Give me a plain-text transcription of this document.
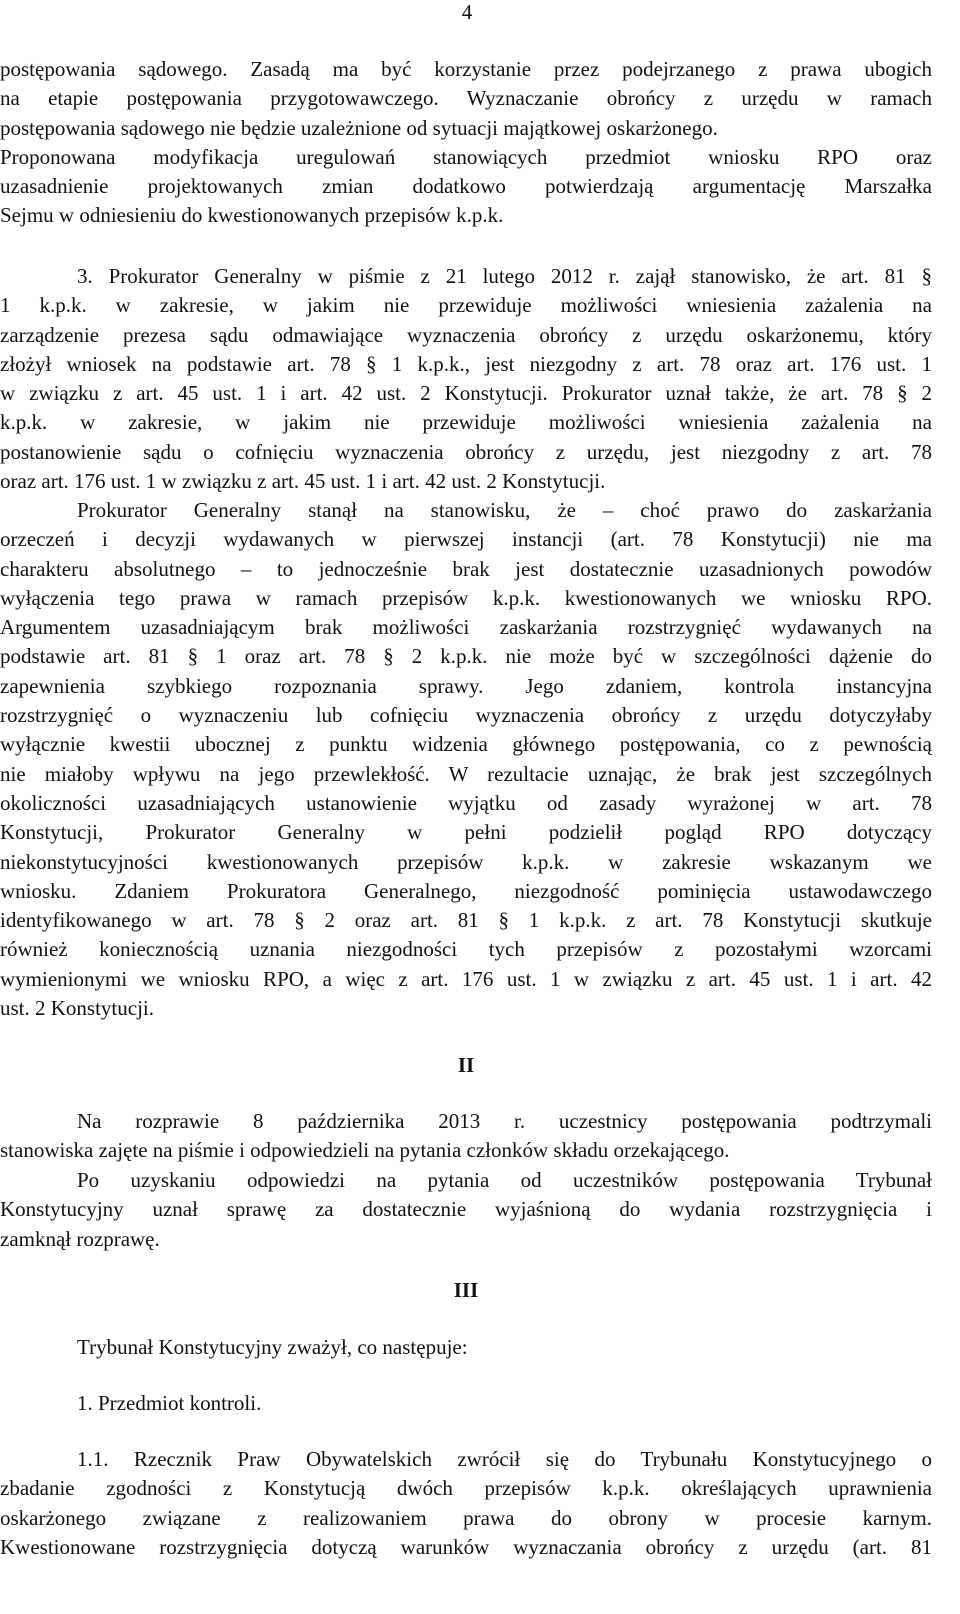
4
postępowania sądowego. Zasadą ma być korzystanie przez podejrzanego z prawa ubogich
na etapie postępowania przygotowawczego. Wyznaczanie obrońcy z urzędu w ramach
postępowania sądowego nie będzie uzależnione od sytuacji majątkowej oskarżonego.
Proponowana modyfikacja uregulowań stanowiących przedmiot wniosku RPO oraz
uzasadnienie projektowanych zmian dodatkowo potwierdzają argumentację Marszałka
Sejmu w odniesieniu do kwestionowanych przepisów k.p.k.
3. Prokurator Generalny w piśmie z 21 lutego 2012 r. zajął stanowisko, że art. 81 §
1 k.p.k. w zakresie, w jakim nie przewiduje możliwości wniesienia zażalenia na
zarządzenie prezesa sądu odmawiające wyznaczenia obrońcy z urzędu oskarżonemu, który
złożył wniosek na podstawie art. 78 § 1 k.p.k., jest niezgodny z art. 78 oraz art. 176 ust. 1
w związku z art. 45 ust. 1 i art. 42 ust. 2 Konstytucji. Prokurator uznał także, że art. 78 § 2
k.p.k. w zakresie, w jakim nie przewiduje możliwości wniesienia zażalenia na
postanowienie sądu o cofnięciu wyznaczenia obrońcy z urzędu, jest niezgodny z art. 78
oraz art. 176 ust. 1 w związku z art. 45 ust. 1 i art. 42 ust. 2 Konstytucji.
Prokurator Generalny stanął na stanowisku, że – choć prawo do zaskarżania
orzeczeń i decyzji wydawanych w pierwszej instancji (art. 78 Konstytucji) nie ma
charakteru absolutnego – to jednocześnie brak jest dostatecznie uzasadnionych powodów
wyłączenia tego prawa w ramach przepisów k.p.k. kwestionowanych we wniosku RPO.
Argumentem uzasadniającym brak możliwości zaskarżania rozstrzygnięć wydawanych na
podstawie art. 81 § 1 oraz art. 78 § 2 k.p.k. nie może być w szczególności dążenie do
zapewnienia szybkiego rozpoznania sprawy. Jego zdaniem, kontrola instancyjna
rozstrzygnięć o wyznaczeniu lub cofnięciu wyznaczenia obrońcy z urzędu dotyczyłaby
wyłącznie kwestii ubocznej z punktu widzenia głównego postępowania, co z pewnością
nie miałoby wpływu na jego przewlekłość. W rezultacie uznając, że brak jest szczególnych
okoliczności uzasadniających ustanowienie wyjątku od zasady wyrażonej w art. 78
Konstytucji, Prokurator Generalny w pełni podzielił pogląd RPO dotyczący
niekonstytucyjności kwestionowanych przepisów k.p.k. w zakresie wskazanym we
wniosku. Zdaniem Prokuratora Generalnego, niezgodność pominięcia ustawodawczego
identyfikowanego w art. 78 § 2 oraz art. 81 § 1 k.p.k. z art. 78 Konstytucji skutkuje
również koniecznością uznania niezgodności tych przepisów z pozostałymi wzorcami
wymienionymi we wniosku RPO, a więc z art. 176 ust. 1 w związku z art. 45 ust. 1 i art. 42
ust. 2 Konstytucji.
II
Na rozprawie 8 października 2013 r. uczestnicy postępowania podtrzymali
stanowiska zajęte na piśmie i odpowiedzieli na pytania członków składu orzekającego.
Po uzyskaniu odpowiedzi na pytania od uczestników postępowania Trybunał
Konstytucyjny uznał sprawę za dostatecznie wyjaśnioną do wydania rozstrzygnięcia i
zamknął rozprawę.
III
Trybunał Konstytucyjny zważył, co następuje:
1. Przedmiot kontroli.
1.1. Rzecznik Praw Obywatelskich zwrócił się do Trybunału Konstytucyjnego o
zbadanie zgodności z Konstytucją dwóch przepisów k.p.k. określających uprawnienia
oskarżonego związane z realizowaniem prawa do obrony w procesie karnym.
Kwestionowane rozstrzygnięcia dotyczą warunków wyznaczania obrońcy z urzędu (art. 81
